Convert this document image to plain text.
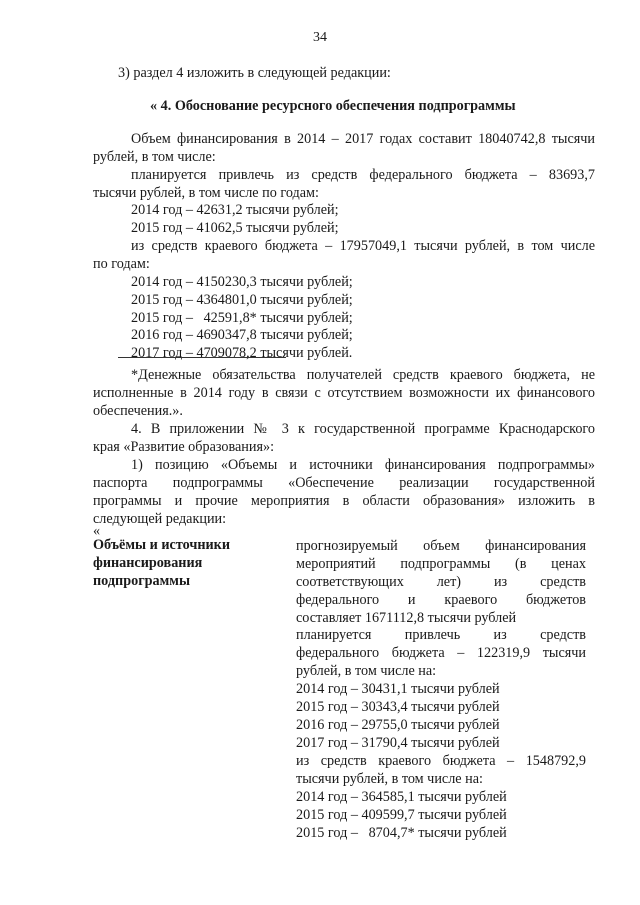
34
3) раздел 4 изложить в следующей редакции:
« 4. Обоснование ресурсного обеспечения подпрограммы
Объем финансирования в 2014 – 2017 годах составит 18040742,8 тысячи
рублей, в том числе:
планируется привлечь из средств федерального бюджета – 83693,7
тысячи рублей, в том числе по годам:
2014 год – 42631,2 тысячи рублей;
2015 год – 41062,5 тысячи рублей;
из средств краевого бюджета – 17957049,1 тысячи рублей, в том числе
по годам:
2014 год – 4150230,3 тысячи рублей;
2015 год – 4364801,0 тысячи рублей;
2015 год –   42591,8* тысячи рублей;
2016 год – 4690347,8 тысячи рублей;
2017 год – 4709078,2 тысячи рублей.
*Денежные обязательства получателей средств краевого бюджета, не
исполненные в 2014 году в связи с отсутствием возможности их финансового
обеспечения.».
4. В приложении № 3 к государственной программе Краснодарского
края «Развитие образования»:
1) позицию «Объемы и источники финансирования подпрограммы»
паспорта подпрограммы «Обеспечение реализации государственной
программы и прочие мероприятия в области образования» изложить в
следующей редакции:
«
Объёмы и источники
финансирования
подпрограммы
прогнозируемый объем финансирования
мероприятий подпрограммы (в ценах
соответствующих лет) из средств
федерального и краевого бюджетов
составляет 1671112,8 тысячи рублей
планируется привлечь из средств
федерального бюджета – 122319,9 тысячи
рублей, в том числе на:
2014 год – 30431,1 тысячи рублей
2015 год – 30343,4 тысячи рублей
2016 год – 29755,0 тысячи рублей
2017 год – 31790,4 тысячи рублей
из средств краевого бюджета – 1548792,9
тысячи рублей, в том числе на:
2014 год – 364585,1 тысячи рублей
2015 год – 409599,7 тысячи рублей
2015 год –   8704,7* тысячи рублей
